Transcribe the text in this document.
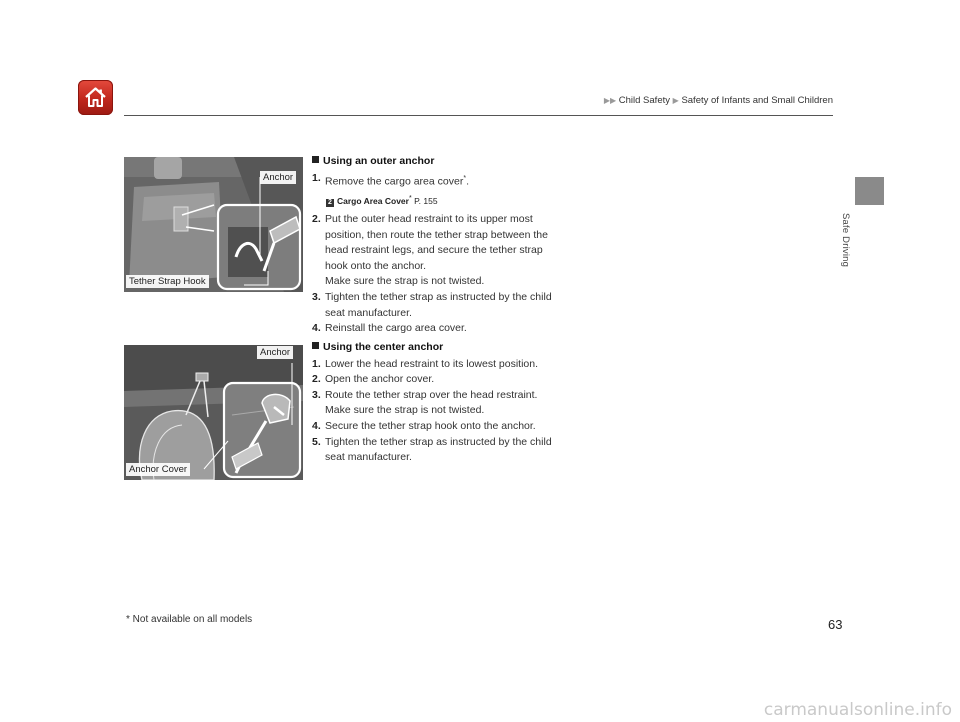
▶▶ Child Safety ▶ Safety of Infants and Small Children
Safe Driving
Anchor
Tether Strap Hook
Anchor
Anchor Cover
Using an outer anchor
1. Remove the cargo area cover*.
2 Cargo Area Cover* P. 155
2. Put the outer head restraint to its upper most position, then route the tether strap between the head restraint legs, and secure the tether strap hook onto the anchor.
Make sure the strap is not twisted.
3. Tighten the tether strap as instructed by the child seat manufacturer.
4. Reinstall the cargo area cover.
Using the center anchor
1. Lower the head restraint to its lowest position.
2. Open the anchor cover.
3. Route the tether strap over the head restraint.
Make sure the strap is not twisted.
4. Secure the tether strap hook onto the anchor.
5. Tighten the tether strap as instructed by the child seat manufacturer.
* Not available on all models	63
carmanualsonline.info
